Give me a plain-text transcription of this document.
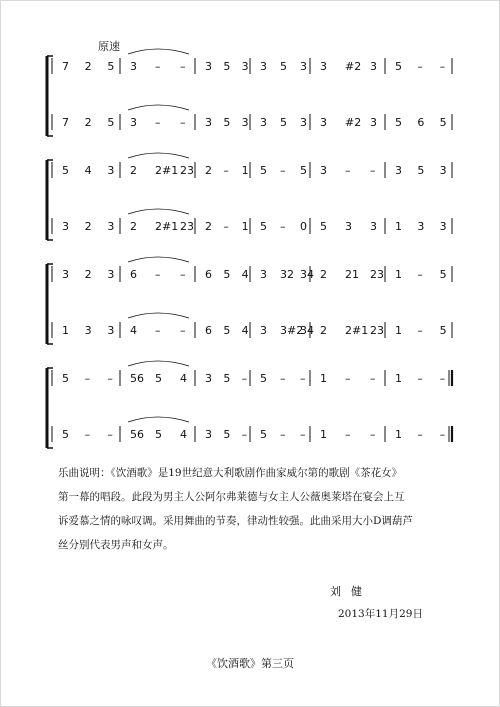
原速
7 2 5 3 – – 3 5 3 3 5 3 3 #2 3 5 – –
7 2 5 3 – – 3 5 3 3 5 3 3 #2 3 5 6 5
5 4 3 2 2#1 23 2 – 1 5 – 5 3 – – 3 5 3
3 2 3 2 2#1 23 2 – 1 5 – 0 5 3 3 1 3 3
3 2 3 6 – – 6 5 4 3 32 34 2 21 23 1 – 5
1 3 3 4 – – 6 5 4 3 3#2
34 2 2#1 23 1 – 5
5 – – 56 5 4 3 5 – 5 – – 1 – – 1 – –
5 – – 56 5 4 3 5 – 5 – – 1 – – 1 – –

乐曲说明：《饮酒歌》是19世纪意大利歌剧作曲家威尔第的歌剧《茶花女》

第一幕的唱段。此段为男主人公阿尔弗莱德与女主人公薇奥莱塔在宴会上互

诉爱慕之情的咏叹调。采用舞曲的节奏，律动性较强。此曲采用大小D调葫芦

丝分别代表男声和女声。

刘健
2013年11月29日
《饮酒歌》第三页
